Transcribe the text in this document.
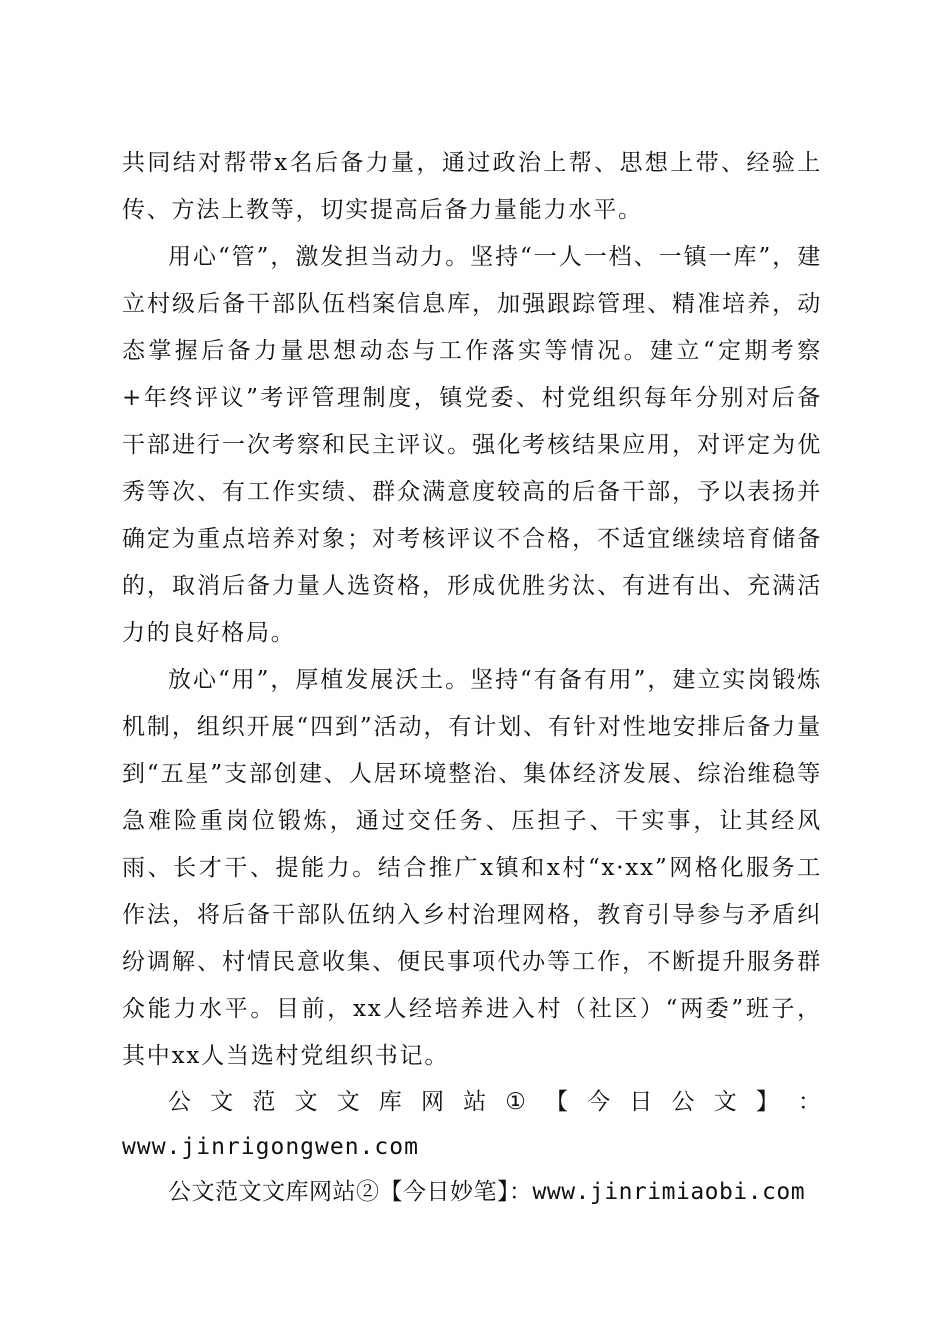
共同结对帮带x名后备力量，通过政治上帮、思想上带、经验上传、方法上教等，切实提高后备力量能力水平。

用心“管”，激发担当动力。坚持“一人一档、一镇一库”，建立村级后备干部队伍档案信息库，加强跟踪管理、精准培养，动态掌握后备力量思想动态与工作落实等情况。建立“定期考察+年终评议”考评管理制度，镇党委、村党组织每年分别对后备干部进行一次考察和民主评议。强化考核结果应用，对评定为优秀等次、有工作实绩、群众满意度较高的后备干部，予以表扬并确定为重点培养对象；对考核评议不合格，不适宜继续培育储备的，取消后备力量人选资格，形成优胜劣汰、有进有出、充满活力的良好格局。

放心“用”，厚植发展沃土。坚持“有备有用”，建立实岗锻炼机制，组织开展“四到”活动，有计划、有针对性地安排后备力量到“五星”支部创建、人居环境整治、集体经济发展、综治维稳等急难险重岗位锻炼，通过交任务、压担子、干实事，让其经风雨、长才干、提能力。结合推广x镇和x村“x·xx”网格化服务工作法，将后备干部队伍纳入乡村治理网格，教育引导参与矛盾纠纷调解、村情民意收集、便民事项代办等工作，不断提升服务群众能力水平。目前，xx人经培养进入村（社区）“两委”班子，其中xx人当选村党组织书记。

公 文 范 文 文 库 网 站 ① 【 今 日 公 文 】 ：
www.jinrigongwen.com
公文范文文库网站②【今日妙笔】：www.jinrimiaobi.com
